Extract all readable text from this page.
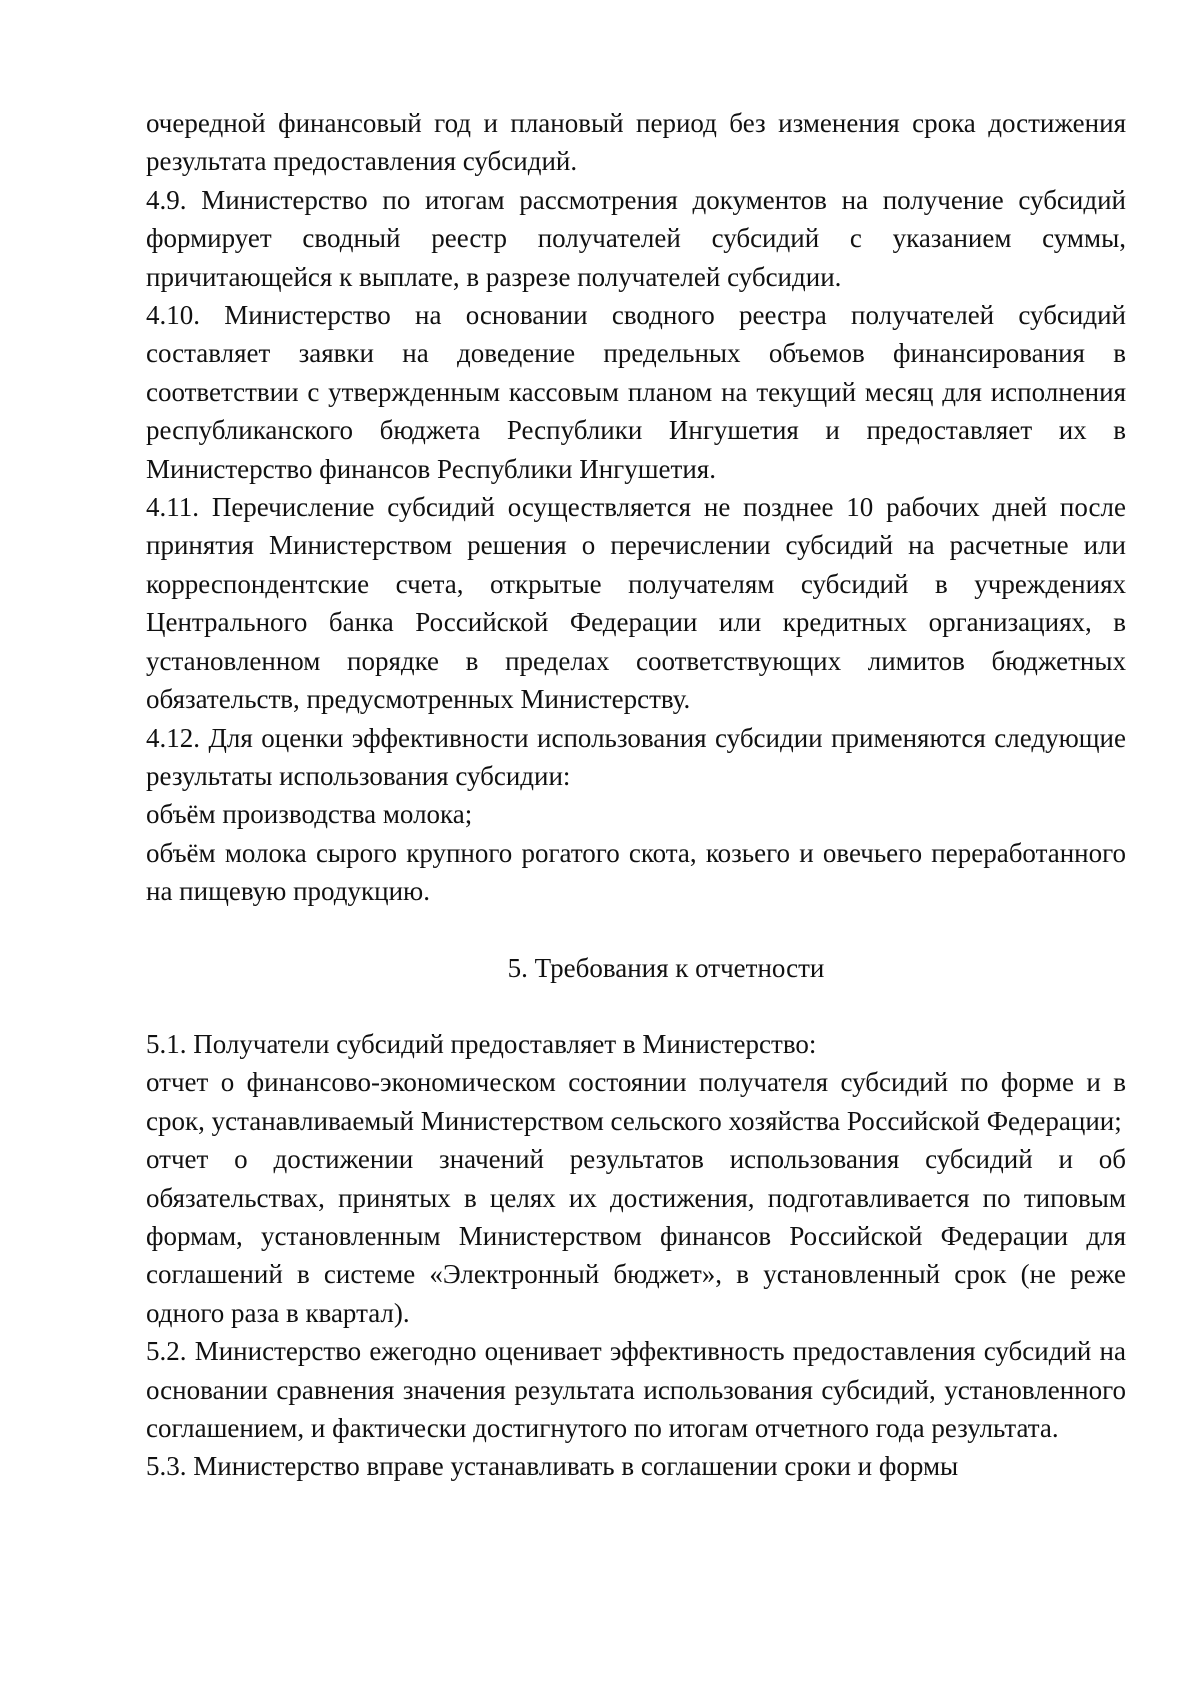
очередной финансовый год и плановый период без изменения срока достижения результата предоставления субсидий.

4.9. Министерство по итогам рассмотрения документов на получение субсидий формирует сводный реестр получателей субсидий с указанием суммы, причитающейся к выплате, в разрезе получателей субсидии.

4.10. Министерство на основании сводного реестра получателей субсидий составляет заявки на доведение предельных объемов финансирования в соответствии с утвержденным кассовым планом на текущий месяц для исполнения республиканского бюджета Республики Ингушетия и предоставляет их в Министерство финансов Республики Ингушетия.

4.11. Перечисление субсидий осуществляется не позднее 10 рабочих дней после принятия Министерством решения о перечислении субсидий на расчетные или корреспондентские счета, открытые получателям субсидий в учреждениях Центрального банка Российской Федерации или кредитных организациях, в установленном порядке в пределах соответствующих лимитов бюджетных обязательств, предусмотренных Министерству.

4.12. Для оценки эффективности использования субсидии применяются следующие результаты использования субсидии:

объём производства молока;

объём молока сырого крупного рогатого скота, козьего и овечьего переработанного на пищевую продукцию.

5. Требования к отчетности

5.1. Получатели субсидий предоставляет в Министерство:

отчет о финансово-экономическом состоянии получателя субсидий по форме и в срок, устанавливаемый Министерством сельского хозяйства Российской Федерации;

отчет о достижении значений результатов использования субсидий и об обязательствах, принятых в целях их достижения, подготавливается по типовым формам, установленным Министерством финансов Российской Федерации для соглашений в системе «Электронный бюджет», в установленный срок (не реже одного раза в квартал).

5.2. Министерство ежегодно оценивает эффективность предоставления субсидий на основании сравнения значения результата использования субсидий, установленного соглашением, и фактически достигнутого по итогам отчетного года результата.

5.3. Министерство вправе устанавливать в соглашении сроки и формы
